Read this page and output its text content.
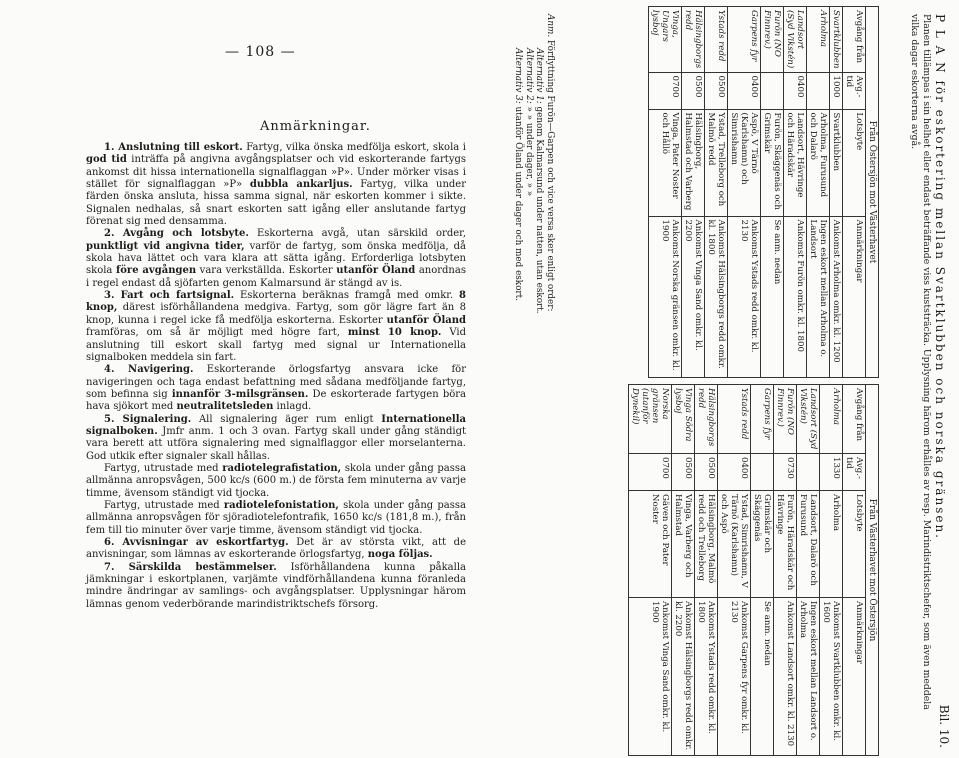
— 108 —
Anmärkningar.

1. Anslutning till eskort. Fartyg, vilka önska medfölja eskort, skola i god tid inträffa på angivna avgångsplatser och vid eskorterande fartygs ankomst dit hissa internationella signalflaggan »P». Under mörker visas i stället för signalflaggan »P» dubbla ankarljus. Fartyg, vilka under färden önska ansluta, hissa samma signal, när eskorten kommer i sikte. Signalen nedhalas, så snart eskorten satt igång eller anslutande fartyg förenat sig med densamma.

2. Avgång och lotsbyte. Eskorterna avgå, utan särskild order, punktligt vid angivna tider, varför de fartyg, som önska medfölja, då skola hava lättet och vara klara att sätta igång. Erforderliga lotsbyten skola före avgången vara verkställda. Eskorter utanför Öland anordnas i regel endast då sjöfarten genom Kalmarsund är stängd av is.

3. Fart och fartsignal. Eskorterna beräknas framgå med omkr. 8 knop, därest isförhållandena medgiva. Fartyg, som gör lägre fart än 8 knop, kunna i regel icke få medfölja eskorterna. Eskorter utanför Öland framföras, om så är möjligt med högre fart, minst 10 knop. Vid anslutning till eskort skall fartyg med signal ur Internationella signalboken meddela sin fart.

4. Navigering. Eskorterande örlogsfartyg ansvara icke för navigeringen och taga endast befattning med sådana medföljande fartyg, som befinna sig innanför 3-milsgränsen. De eskorterade fartygen böra hava sjökort med neutralitetsleden inlagd.

5. Signalering. All signalering äger rum enligt Internationella signalboken. Jmfr anm. 1 och 3 ovan. Fartyg skall under gång ständigt vara berett att utföra signalering med signalflaggor eller morselanterna. God utkik efter signaler skall hållas.

Fartyg, utrustade med radiotelegrafistation, skola under gång passa allmänna anropsvågen, 500 kc/s (600 m.) de första fem minuterna av varje timme, ävensom ständigt vid tjocka.

Fartyg, utrustade med radiotelefonistation, skola under gång passa allmänna anropsvågen för sjöradiotelefontrafik, 1650 kc/s (181,8 m.), från fem till tio minuter över varje timme, ävensom ständigt vid tjocka.

6. Avvisningar av eskortfartyg. Det är av största vikt, att de anvisningar, som lämnas av eskorterande örlogsfartyg, noga följas.

7. Särskilda bestämmelser. Isförhållandena kunna påkalla jämkningar i eskortplanen, varjämte vindförhållandena kunna föranleda mindre ändringar av samlings- och avgångsplatser. Upplysningar härom lämnas genom vederbörande marindistriktschefs försorg.

Bil. 10.
P L A N för eskortering mellan Svartklubben och norska gränsen.
Planen tillämpas i sin helhet eller endast beträffande viss kuststräcka. Upplysning härom erhålles av resp. Marindistriktschefer, som även meddela vilka dagar eskorterna avgå.
Från Östersjön mot Västerhavet			
Avgång från	Avg.-tid	Lotsbyte	Anmärkningar
Svartklubben	1000	Svartklubben	Ankomst Arholma omkr. kl. 1200
Arholma		Arholma, Furusund och Dalarö	Ingen eskort mellan Arholma o. Landsort
Landsort (Syd Vikstén)	0400	Landsort, Hävringe och Häradskär	Ankomst Furön omkr. kl. 1800
Furön (NO Finnrev.)		Furön, Skäggenäs och Grimskär	Se anm. nedan
Garpens fyr	0400	Aspö, V Tärnö (Karlshamn) och Simrishamn	Ankomst Ystads redd omkr. kl. 2130
Ystads redd	0500	Ystad, Trelleborg och Malmö redd	Ankomst Hälsingborgs redd omkr. kl. 1800
Hälsingborgs redd	0500	Hälsingborg, Halmstad och Varberg	Ankomst Vinga Sand omkr. kl. 2200
Vinga, Ungars lysboj	0700	Vinga, Pater Noster och Hållö	Ankomst Norska gränsen omkr. kl. 1900
Från Västerhavet mot Östersjön			
Avgång från	Avg.-tid	Lotsbyte	Anmärkningar
Arholma	1330	Arholma	Ankomst Svartklubben omkr. kl. 1600
Landsort (Syd Vikstén)		Landsort, Dalarö och Furusund	Ingen eskort mellan Landsort o. Arholma
Furön (NO Finnrev.)	0730	Furön, Häradskär och Hävringe	Ankomst Landsort omkr. kl. 2130
Garpens fyr		Grimskär och Skäggenäs	Se anm. nedan
Ystads redd	0400	Ystad, Simrishamn, V Tärnö (Karlshamn) och Aspö	Ankomst Garpens fyr omkr. kl. 2130
Hälsingborgs redd	0500	Hälsingborg, Malmö redd och Trelleborg	Ankomst Ystads redd omkr. kl. 1800
Vinga Södra lysboj	0500	Vinga, Varberg och Halmstad	Ankomst Hälsingborgs redd omkr. kl. 2200
Norska gränsen (utanför Dynekil)	0700	Gäven och Pater Noster	Ankomst Vinga Sand omkr. kl. 1900
Anm. Förflyttning Furön—Garpen och vice versa sker enligt order:
Alternativ 1: genom Kalmarsund under natten, utan eskort.
Alternativ 2: » » under dager, » »
Alternativ 3: utanför Öland under dager och med eskort.
